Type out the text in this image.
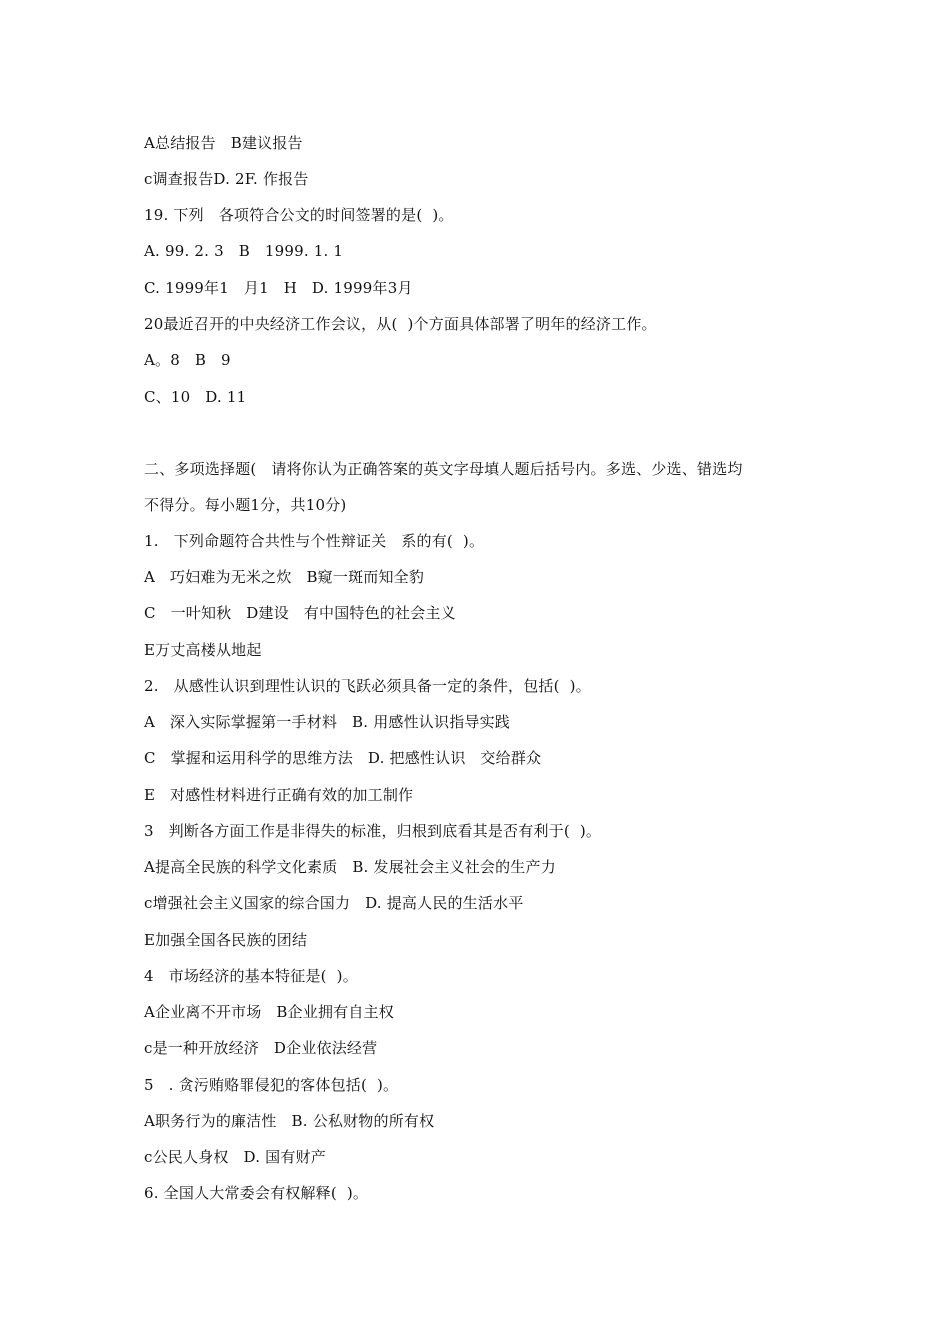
A总结报告   B建议报告
c调查报告D. 2F. 作报告
19. 下列   各项符合公文的时间签署的是(  )。
A. 99. 2. 3   B   1999. 1. 1
C. 1999年1   月1   H   D. 1999年3月
20最近召开的中央经济工作会议，从(  )个方面具体部署了明年的经济工作。
A。8   B   9
C、10   D. 11
二、多项选择题(   请将你认为正确答案的英文字母填人题后括号内。多选、少选、错选均
不得分。每小题1分，共10分)
1.   下列命题符合共性与个性辩证关   系的有(  )。
A   巧妇难为无米之炊   B窥一斑而知全豹
C   一叶知秋   D建设   有中国特色的社会主义
E万丈高楼从地起
2.   从感性认识到理性认识的飞跃必须具备一定的条件，包括(  )。
A   深入实际掌握第一手材料   B. 用感性认识指导实践
C   掌握和运用科学的思维方法   D. 把感性认识   交给群众
E   对感性材料进行正确有效的加工制作
3   判断各方面工作是非得失的标准，归根到底看其是否有利于(  )。
A提高全民族的科学文化素质   B. 发展社会主义社会的生产力
c增强社会主义国家的综合国力   D. 提高人民的生活水平
E加强全国各民族的团结
4   市场经济的基本特征是(  )。
A企业离不开市场   B企业拥有自主权
c是一种开放经济   D企业依法经营
5   . 贪污贿赂罪侵犯的客体包括(  )。
A职务行为的廉洁性   B. 公私财物的所有权
c公民人身权   D. 国有财产
6. 全国人大常委会有权解释(  )。
